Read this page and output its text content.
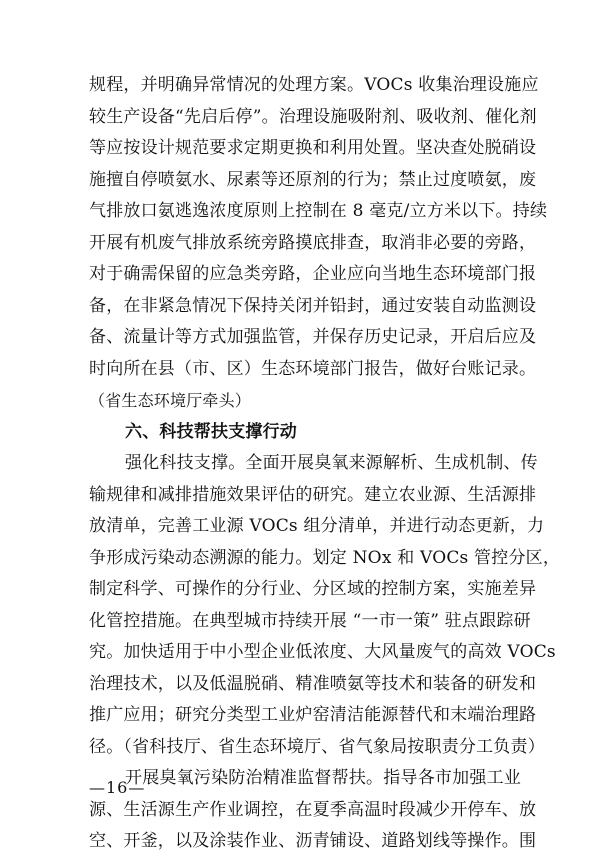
规程，并明确异常情况的处理方案。VOCs 收集治理设施应
较生产设备“先启后停”。治理设施吸附剂、吸收剂、催化剂
等应按设计规范要求定期更换和利用处置。坚决查处脱硝设
施擅自停喷氨水、尿素等还原剂的行为；禁止过度喷氨，废
气排放口氨逃逸浓度原则上控制在 8 毫克/立方米以下。持续
开展有机废气排放系统旁路摸底排查，取消非必要的旁路，
对于确需保留的应急类旁路，企业应向当地生态环境部门报
备，在非紧急情况下保持关闭并铅封，通过安装自动监测设
备、流量计等方式加强监管，并保存历史记录，开启后应及
时向所在县（市、区）生态环境部门报告，做好台账记录。
（省生态环境厅牵头）
六、科技帮扶支撑行动
强化科技支撑。全面开展臭氧来源解析、生成机制、传
输规律和减排措施效果评估的研究。建立农业源、生活源排
放清单，完善工业源 VOCs 组分清单，并进行动态更新，力
争形成污染动态溯源的能力。划定 NOx 和 VOCs 管控分区，
制定科学、可操作的分行业、分区域的控制方案，实施差异
化管控措施。在典型城市持续开展 “一市一策” 驻点跟踪研
究。加快适用于中小型企业低浓度、大风量废气的高效 VOCs
治理技术，以及低温脱硝、精准喷氨等技术和装备的研发和
推广应用；研究分类型工业炉窑清洁能源替代和末端治理路
径。（省科技厅、省生态环境厅、省气象局按职责分工负责）
开展臭氧污染防治精准监督帮扶。指导各市加强工业
源、生活源生产作业调控，在夏季高温时段减少开停车、放
空、开釜，以及涂装作业、沥青铺设、道路划线等操作。围
—16—
